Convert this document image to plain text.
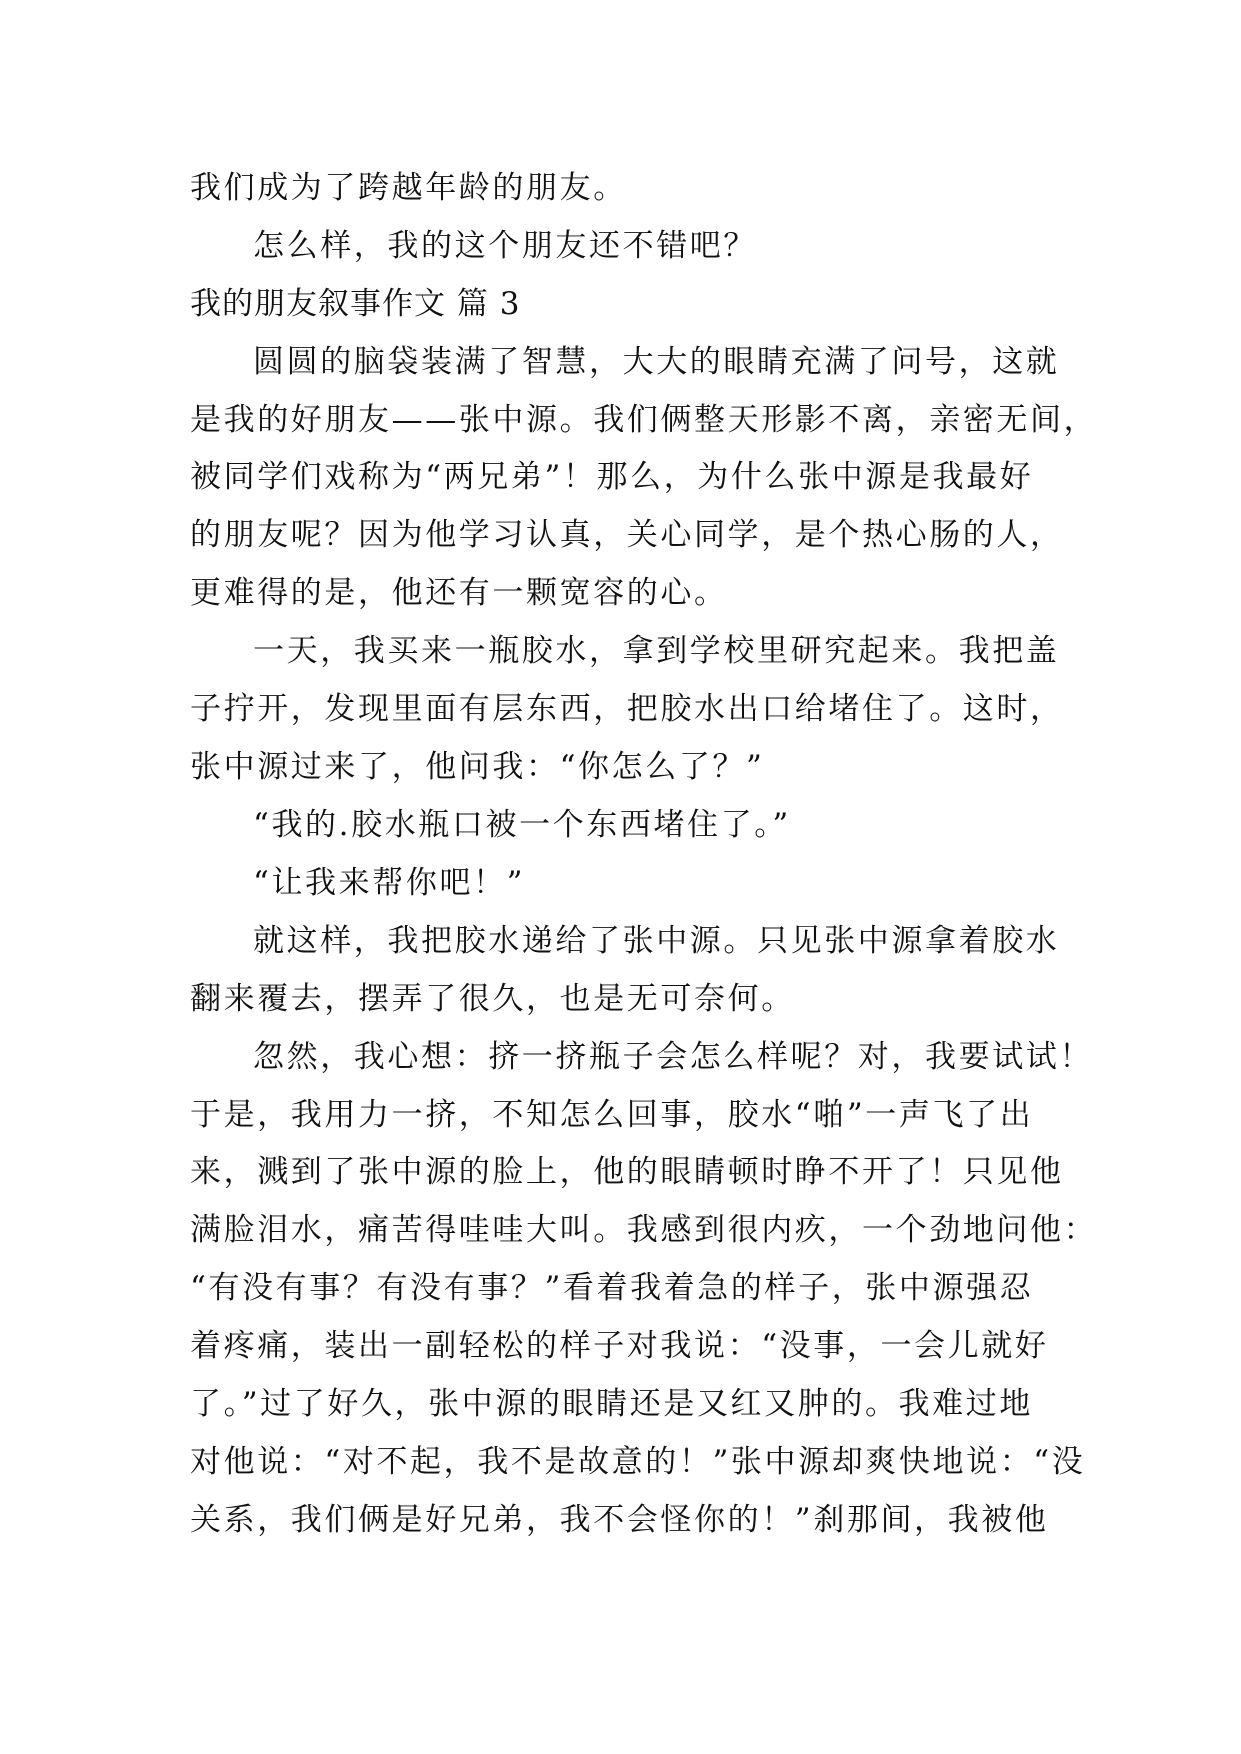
我们成为了跨越年龄的朋友。
怎么样，我的这个朋友还不错吧？
我的朋友叙事作文 篇 3
圆圆的脑袋装满了智慧，大大的眼睛充满了问号，这就
是我的好朋友——张中源。我们俩整天形影不离，亲密无间，
被同学们戏称为“两兄弟”！那么，为什么张中源是我最好
的朋友呢？因为他学习认真，关心同学，是个热心肠的人，
更难得的是，他还有一颗宽容的心。
一天，我买来一瓶胶水，拿到学校里研究起来。我把盖
子拧开，发现里面有层东西，把胶水出口给堵住了。这时，
张中源过来了，他问我：“你怎么了？”
“我的.胶水瓶口被一个东西堵住了。”
“让我来帮你吧！”
就这样，我把胶水递给了张中源。只见张中源拿着胶水
翻来覆去，摆弄了很久，也是无可奈何。
忽然，我心想：挤一挤瓶子会怎么样呢？对，我要试试！
于是，我用力一挤，不知怎么回事，胶水“啪”一声飞了出
来，溅到了张中源的脸上，他的眼睛顿时睁不开了！只见他
满脸泪水，痛苦得哇哇大叫。我感到很内疚，一个劲地问他：
“有没有事？有没有事？”看着我着急的样子，张中源强忍
着疼痛，装出一副轻松的样子对我说：“没事，一会儿就好
了。”过了好久，张中源的眼睛还是又红又肿的。我难过地
对他说：“对不起，我不是故意的！”张中源却爽快地说：“没
关系，我们俩是好兄弟，我不会怪你的！”刹那间，我被他
